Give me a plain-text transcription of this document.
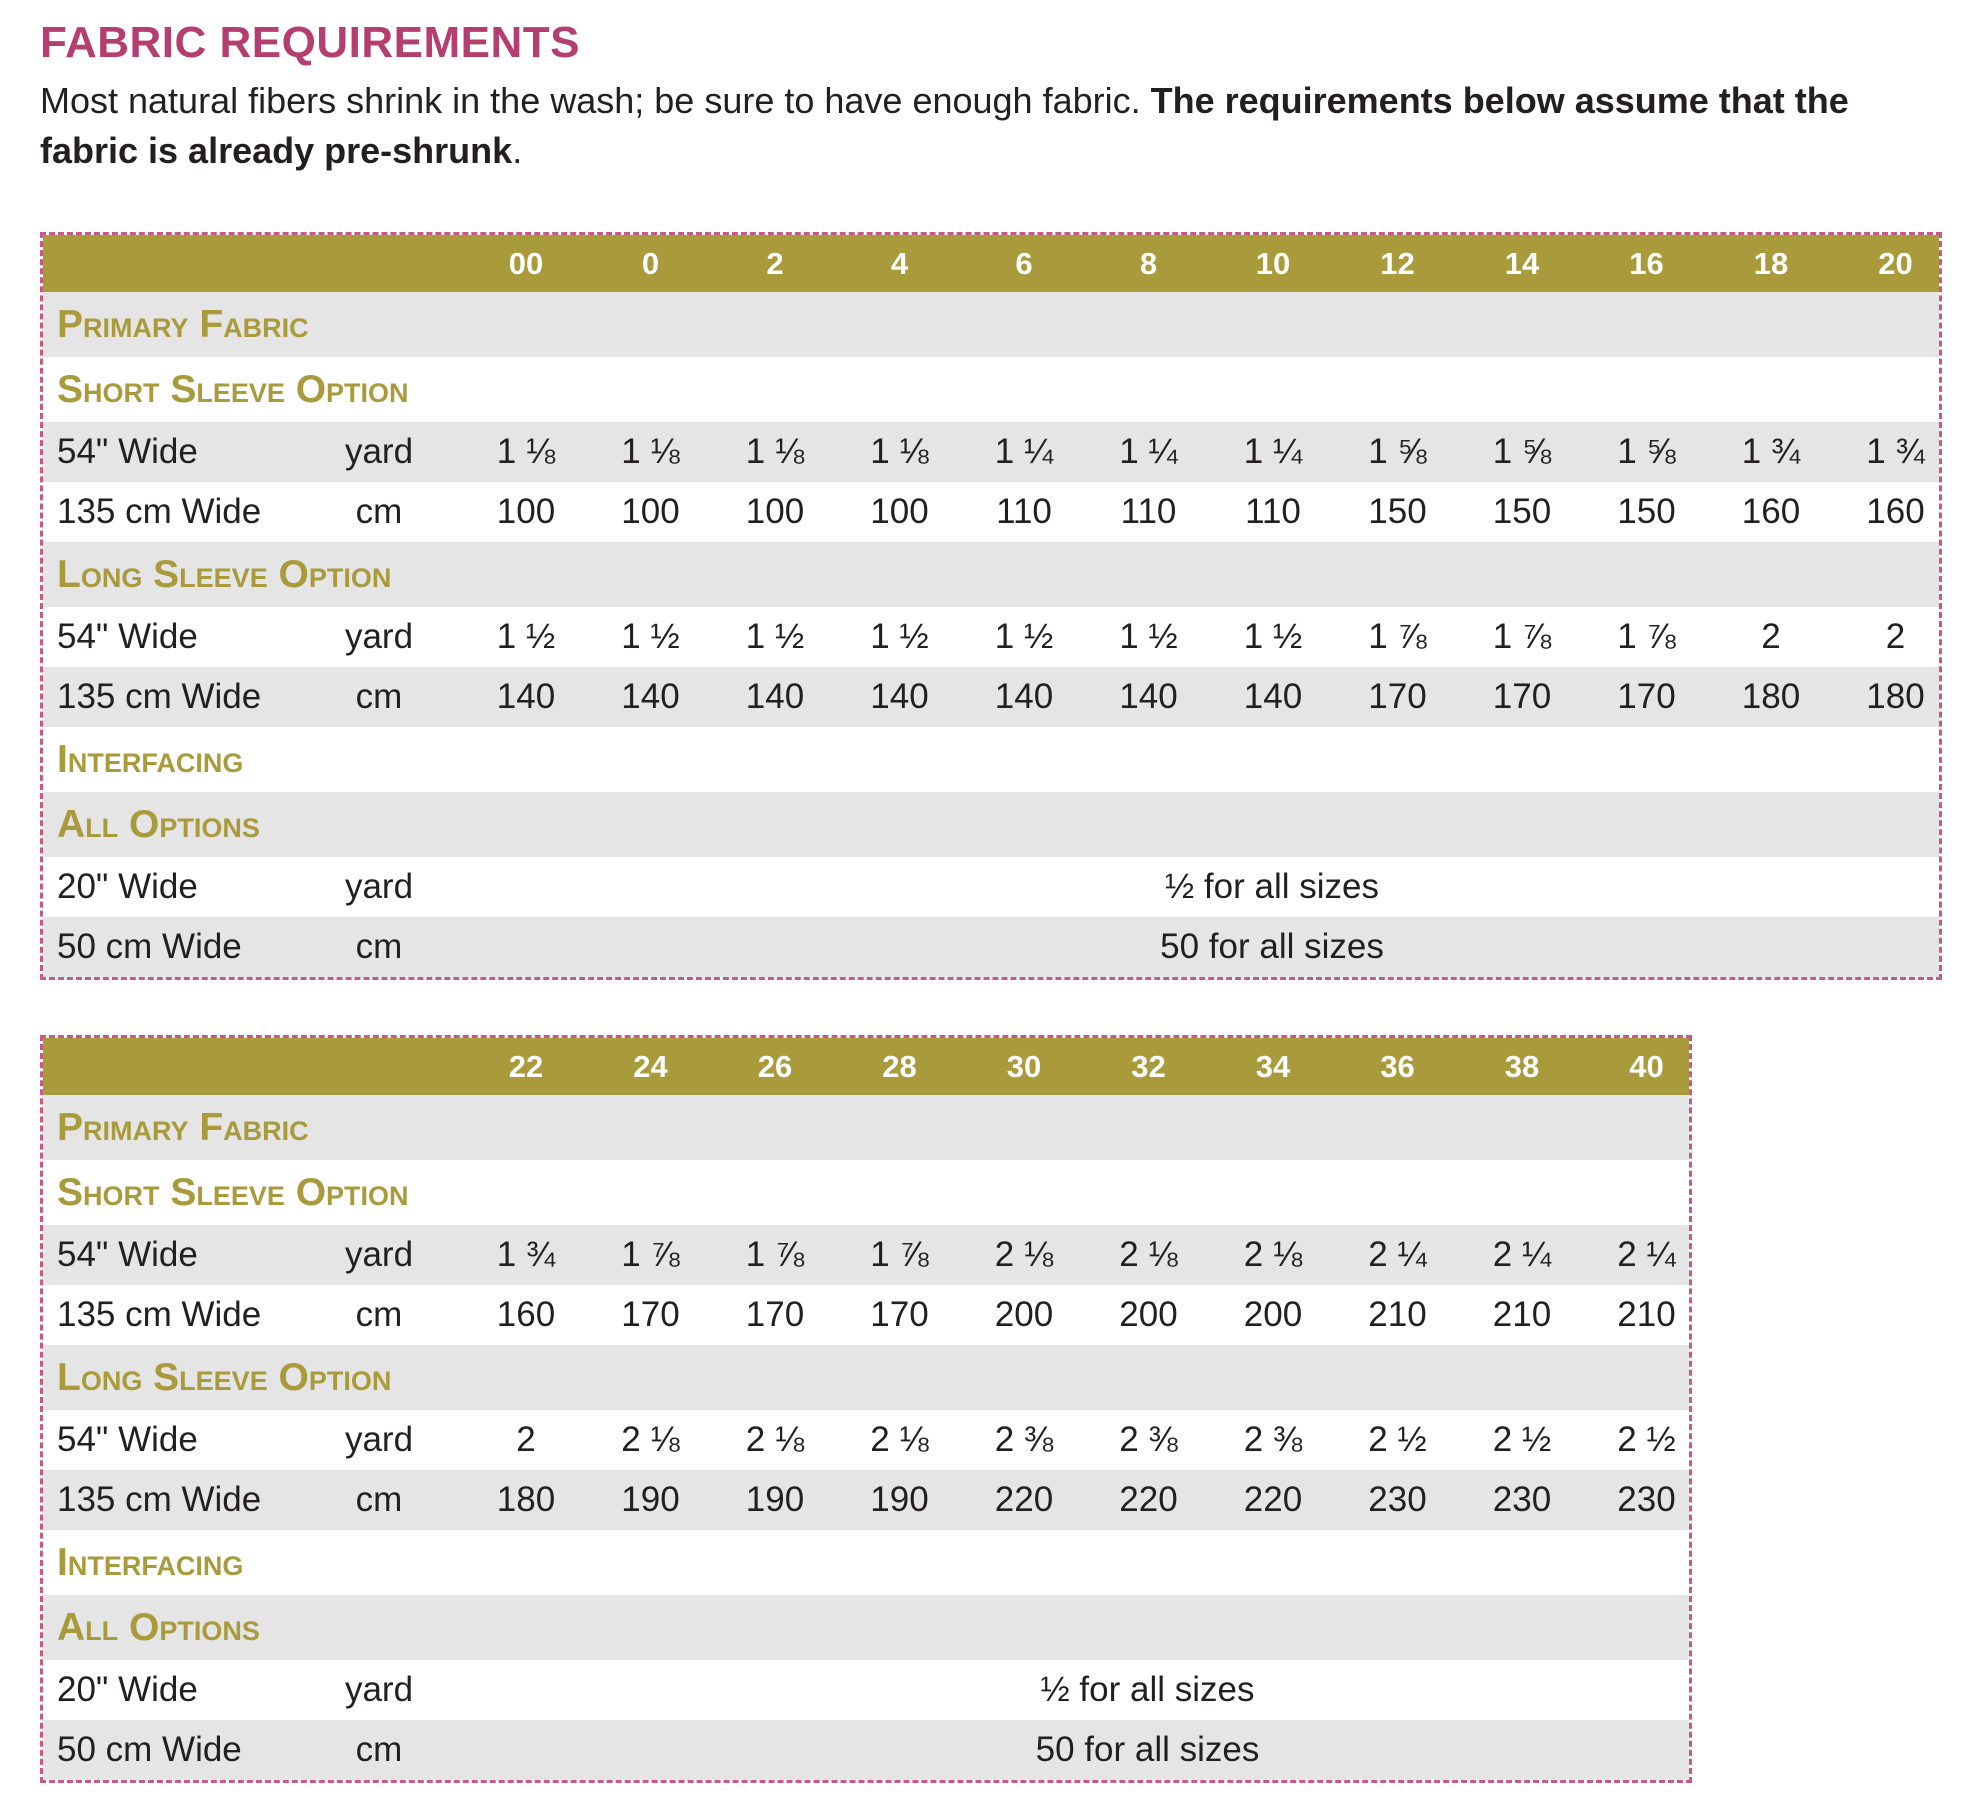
FABRIC REQUIREMENTS
Most natural fibers shrink in the wash; be sure to have enough fabric. The requirements below assume that the fabric is already pre-shrunk.
00	0	2	4	6	8	10	12	14	16	18	20
Primary Fabric
Short Sleeve Option
54" Wide	yard	1 ⅛	1 ⅛	1 ⅛	1 ⅛	1 ¼	1 ¼	1 ¼	1 ⅝	1 ⅝	1 ⅝	1 ¾	1 ¾
135 cm Wide	cm	100	100	100	100	110	110	110	150	150	150	160	160
Long Sleeve Option
54" Wide	yard	1 ½	1 ½	1 ½	1 ½	1 ½	1 ½	1 ½	1 ⅞	1 ⅞	1 ⅞	2	2
135 cm Wide	cm	140	140	140	140	140	140	140	170	170	170	180	180
Interfacing
All Options
20" Wide	yard	½ for all sizes
50 cm Wide	cm	50 for all sizes
22	24	26	28	30	32	34	36	38	40
Primary Fabric
Short Sleeve Option
54" Wide	yard	1 ¾	1 ⅞	1 ⅞	1 ⅞	2 ⅛	2 ⅛	2 ⅛	2 ¼	2 ¼	2 ¼
135 cm Wide	cm	160	170	170	170	200	200	200	210	210	210
Long Sleeve Option
54" Wide	yard	2	2 ⅛	2 ⅛	2 ⅛	2 ⅜	2 ⅜	2 ⅜	2 ½	2 ½	2 ½
135 cm Wide	cm	180	190	190	190	220	220	220	230	230	230
Interfacing
All Options
20" Wide	yard	½ for all sizes
50 cm Wide	cm	50 for all sizes
